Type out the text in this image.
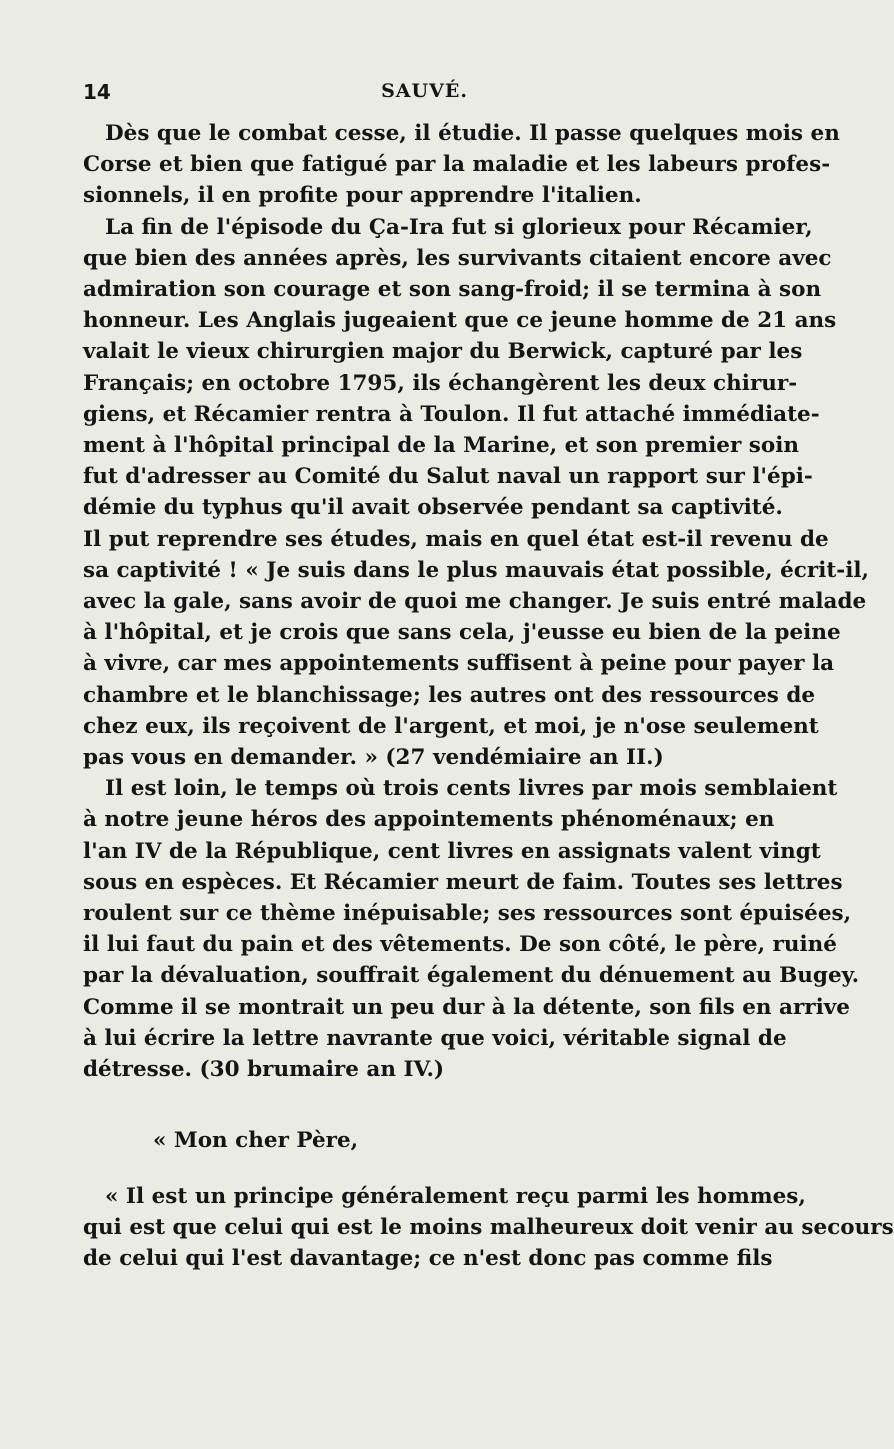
14	SAUVÉ.
Dès que le combat cesse, il étudie. Il passe quelques mois en
Corse et bien que fatigué par la maladie et les labeurs profes-
sionnels, il en profite pour apprendre l'italien.
La fin de l'épisode du Ça-Ira fut si glorieux pour Récamier,
que bien des années après, les survivants citaient encore avec
admiration son courage et son sang-froid; il se termina à son
honneur. Les Anglais jugeaient que ce jeune homme de 21 ans
valait le vieux chirurgien major du Berwick, capturé par les
Français; en octobre 1795, ils échangèrent les deux chirur-
giens, et Récamier rentra à Toulon. Il fut attaché immédiate-
ment à l'hôpital principal de la Marine, et son premier soin
fut d'adresser au Comité du Salut naval un rapport sur l'épi-
démie du typhus qu'il avait observée pendant sa captivité.
Il put reprendre ses études, mais en quel état est-il revenu de
sa captivité ! « Je suis dans le plus mauvais état possible, écrit-il,
avec la gale, sans avoir de quoi me changer. Je suis entré malade
à l'hôpital, et je crois que sans cela, j'eusse eu bien de la peine
à vivre, car mes appointements suffisent à peine pour payer la
chambre et le blanchissage; les autres ont des ressources de
chez eux, ils reçoivent de l'argent, et moi, je n'ose seulement
pas vous en demander. » (27 vendémiaire an II.)
Il est loin, le temps où trois cents livres par mois semblaient
à notre jeune héros des appointements phénoménaux; en
l'an IV de la République, cent livres en assignats valent vingt
sous en espèces. Et Récamier meurt de faim. Toutes ses lettres
roulent sur ce thème inépuisable; ses ressources sont épuisées,
il lui faut du pain et des vêtements. De son côté, le père, ruiné
par la dévaluation, souffrait également du dénuement au Bugey.
Comme il se montrait un peu dur à la détente, son fils en arrive
à lui écrire la lettre navrante que voici, véritable signal de
détresse. (30 brumaire an IV.)
« Mon cher Père,
« Il est un principe généralement reçu parmi les hommes,
qui est que celui qui est le moins malheureux doit venir au secours
de celui qui l'est davantage; ce n'est donc pas comme fils
